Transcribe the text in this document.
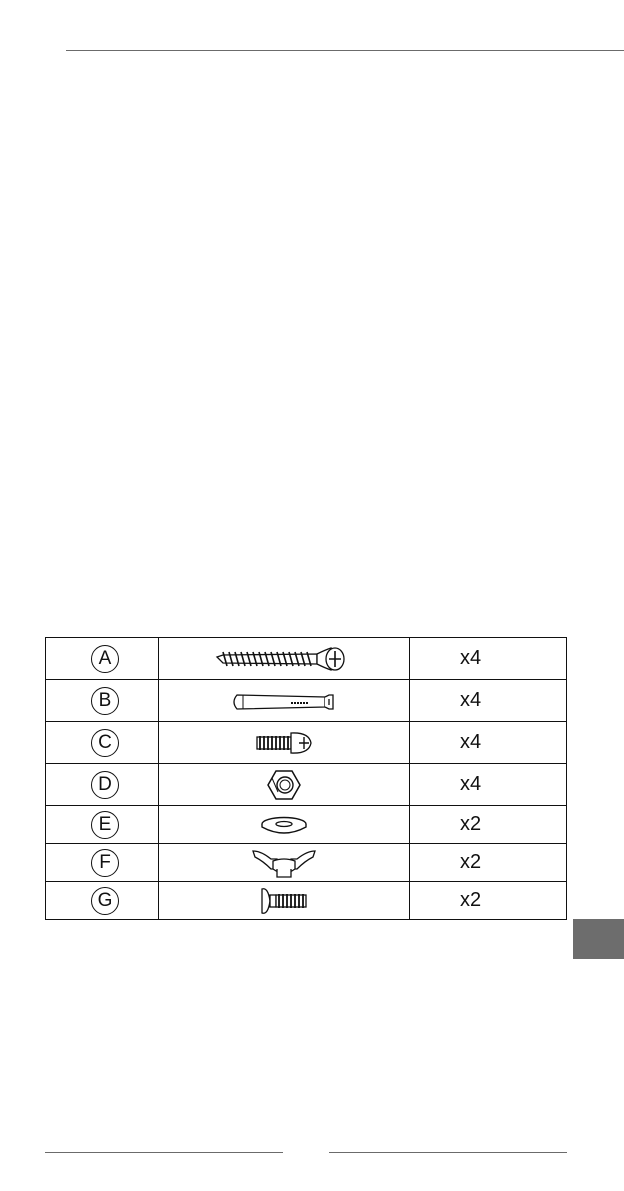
A		x4
B		x4
C		x4
D		x4
E		x2
F		x2
G		x2
